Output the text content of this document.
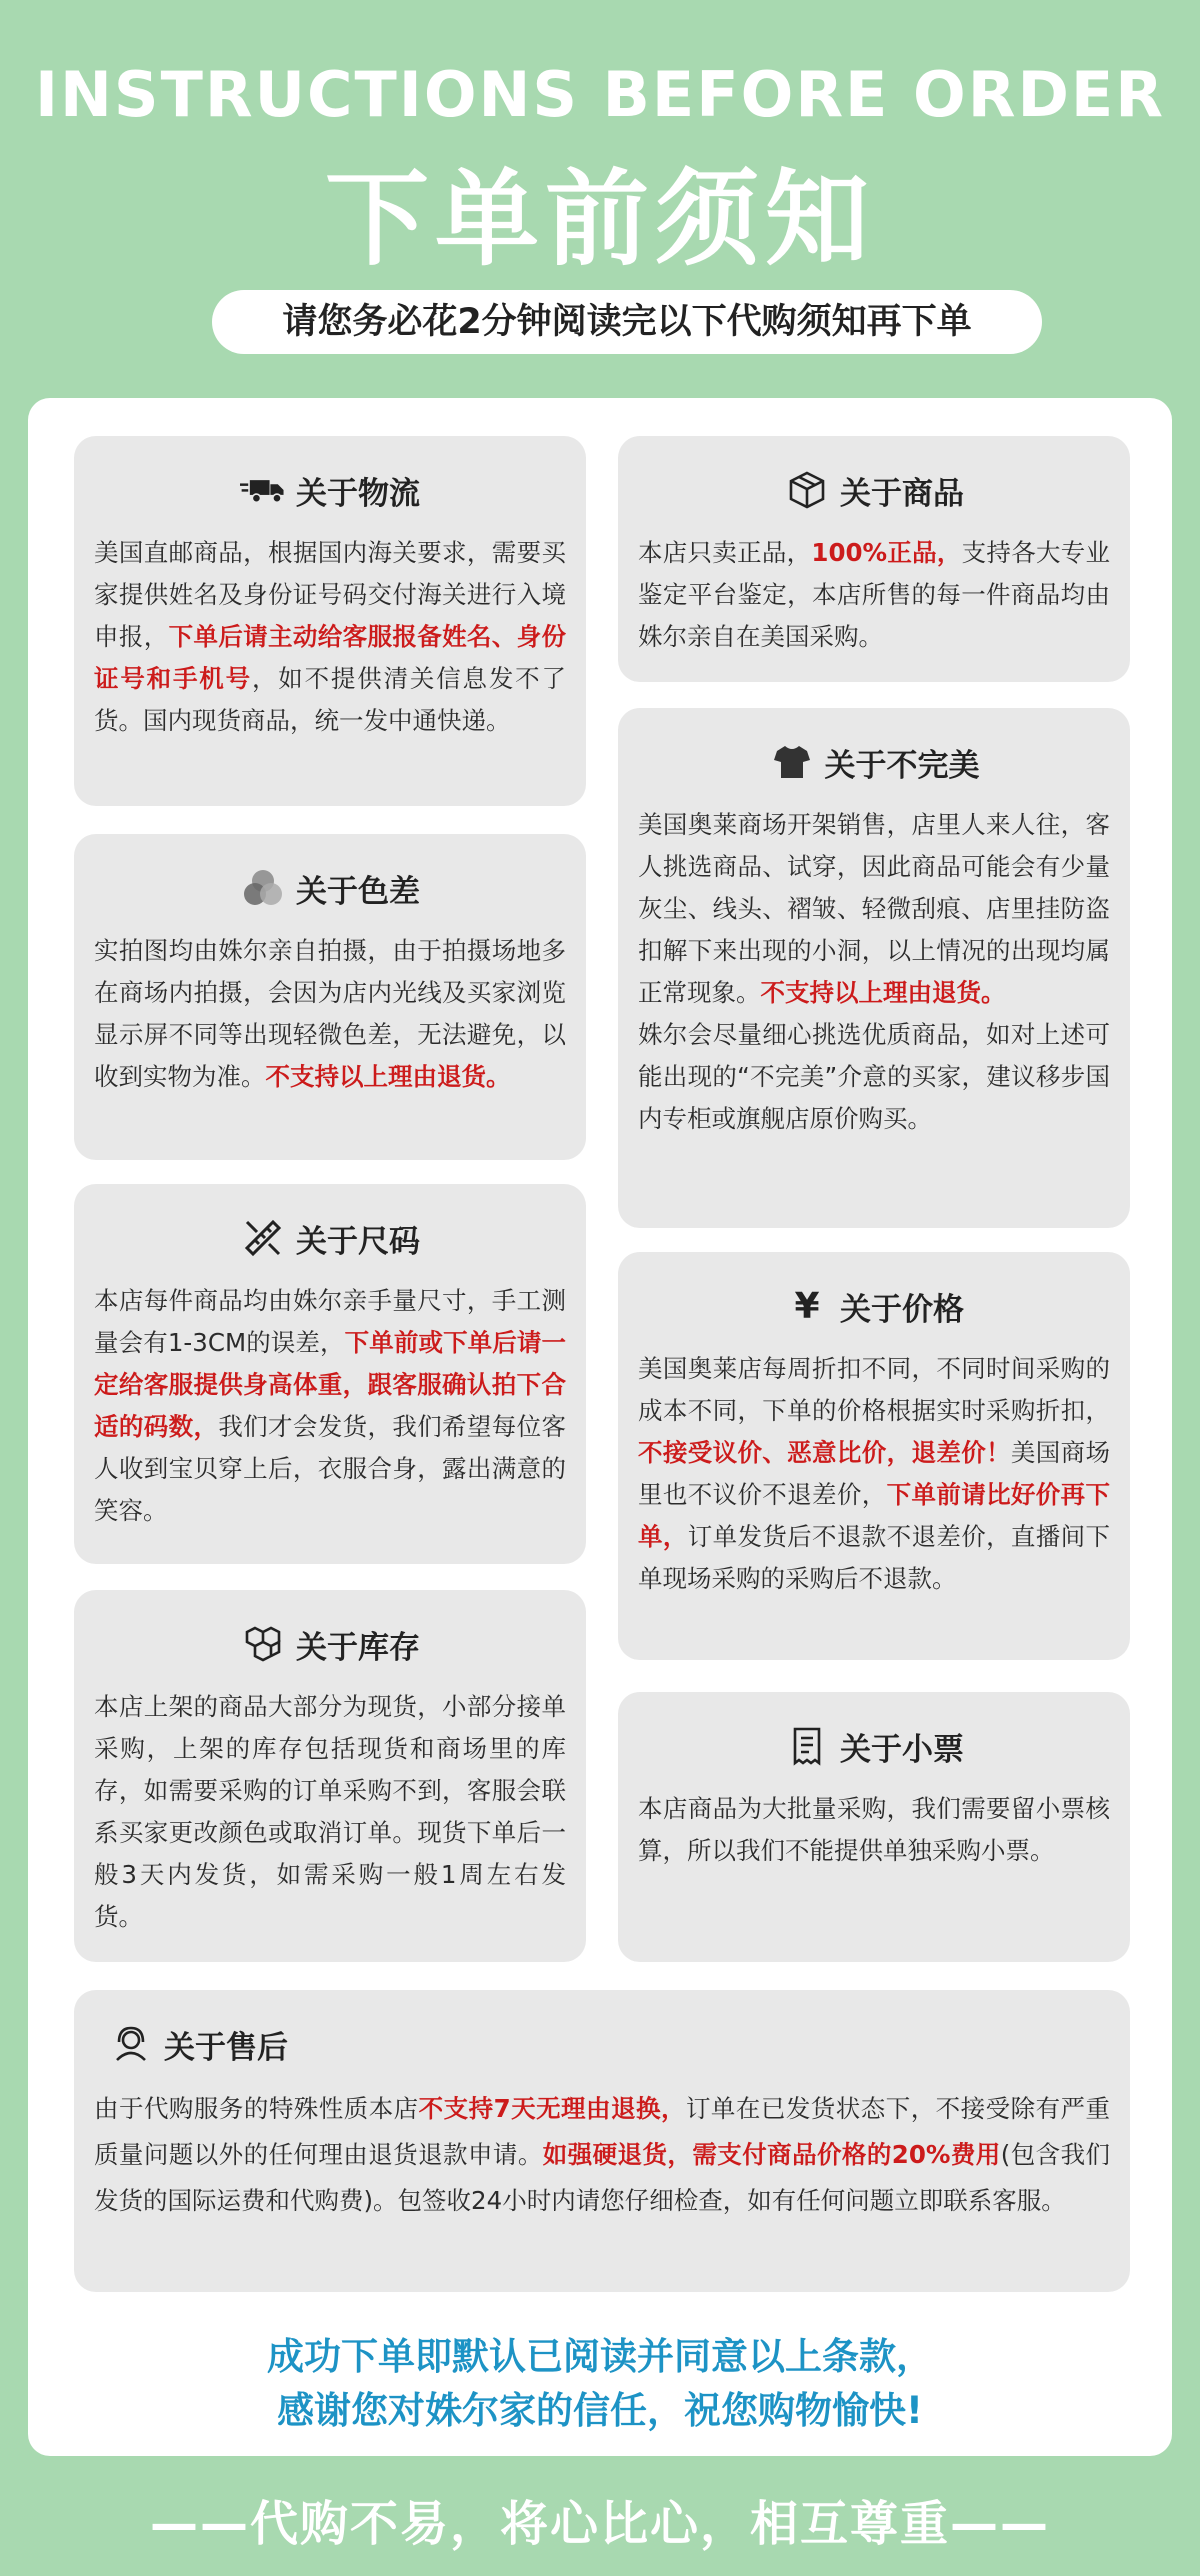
INSTRUCTIONS BEFORE ORDER
下单前须知
请您务必花2分钟阅读完以下代购须知再下单
关于物流
美国直邮商品，根据国内海关要求，需要买家提供姓名及身份证号码交付海关进行入境申报，下单后请主动给客服报备姓名、身份证号和手机号，如不提供清关信息发不了货。国内现货商品，统一发中通快递。
关于色差
实拍图均由姝尔亲自拍摄，由于拍摄场地多在商场内拍摄，会因为店内光线及买家浏览显示屏不同等出现轻微色差，无法避免，以收到实物为准。不支持以上理由退货。
关于尺码
本店每件商品均由姝尔亲手量尺寸，手工测量会有1-3CM的误差，下单前或下单后请一定给客服提供身高体重，跟客服确认拍下合适的码数，我们才会发货，我们希望每位客人收到宝贝穿上后，衣服合身，露出满意的笑容。
关于库存
本店上架的商品大部分为现货，小部分接单采购，上架的库存包括现货和商场里的库存，如需要采购的订单采购不到，客服会联系买家更改颜色或取消订单。现货下单后一般3天内发货，如需采购一般1周左右发货。
关于商品
本店只卖正品，100%正品，支持各大专业鉴定平台鉴定，本店所售的每一件商品均由姝尔亲自在美国采购。
关于不完美
美国奥莱商场开架销售，店里人来人往，客人挑选商品、试穿，因此商品可能会有少量灰尘、线头、褶皱、轻微刮痕、店里挂防盗扣解下来出现的小洞，以上情况的出现均属正常现象。不支持以上理由退货。
姝尔会尽量细心挑选优质商品，如对上述可能出现的“不完美”介意的买家，建议移步国内专柜或旗舰店原价购买。
¥ 关于价格
美国奥莱店每周折扣不同，不同时间采购的成本不同，下单的价格根据实时采购折扣，不接受议价、恶意比价，退差价！美国商场里也不议价不退差价，下单前请比好价再下单，订单发货后不退款不退差价，直播间下单现场采购的采购后不退款。
关于小票
本店商品为大批量采购，我们需要留小票核算，所以我们不能提供单独采购小票。
关于售后
由于代购服务的特殊性质本店不支持7天无理由退换，订单在已发货状态下，不接受除有严重质量问题以外的任何理由退货退款申请。如强硬退货，需支付商品价格的20%费用(包含我们发货的国际运费和代购费)。包签收24小时内请您仔细检查，如有任何问题立即联系客服。
成功下单即默认已阅读并同意以上条款，
感谢您对姝尔家的信任，祝您购物愉快!
——代购不易，将心比心，相互尊重——
